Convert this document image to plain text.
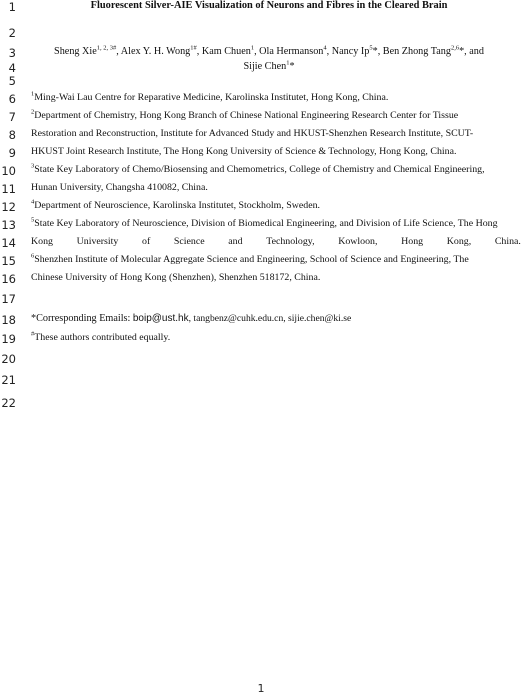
1
2
3
4
5
6
7
8
9
10
11
12
13
14
15
16
17
18
19
20
21
22
Fluorescent Silver-AIE Visualization of Neurons and Fibres in the Cleared Brain
Sheng Xie$^{1, 2, 3\#}$, Alex Y. H. Wong$^{1\#}$, Kam Chuen$^1$, Ola Hermanson$^4$, Nancy Ip$^5$*, Ben Zhong Tang$^{2,6}$*, and
Sijie Chen$^1$*
$^1$Ming-Wai Lau Centre for Reparative Medicine, Karolinska Institutet, Hong Kong, China.
$^2$Department of Chemistry, Hong Kong Branch of Chinese National Engineering Research Center for Tissue
Restoration and Reconstruction, Institute for Advanced Study and HKUST-Shenzhen Research Institute, SCUT-
HKUST Joint Research Institute, The Hong Kong University of Science & Technology, Hong Kong, China.
$^3$State Key Laboratory of Chemo/Biosensing and Chemometrics, College of Chemistry and Chemical Engineering,
Hunan University, Changsha 410082, China.
$^4$Department of Neuroscience, Karolinska Institutet, Stockholm, Sweden.
$^5$State Key Laboratory of Neuroscience, Division of Biomedical Engineering, and Division of Life Science, The Hong
Kong University of Science and Technology, Kowloon, Hong Kong, China.
$^6$Shenzhen Institute of Molecular Aggregate Science and Engineering, School of Science and Engineering, The
Chinese University of Hong Kong (Shenzhen), Shenzhen 518172, China.
*Corresponding Emails: boip@ust.hk, tangbenz@cuhk.edu.cn, sijie.chen@ki.se
#These authors contributed equally.
1
